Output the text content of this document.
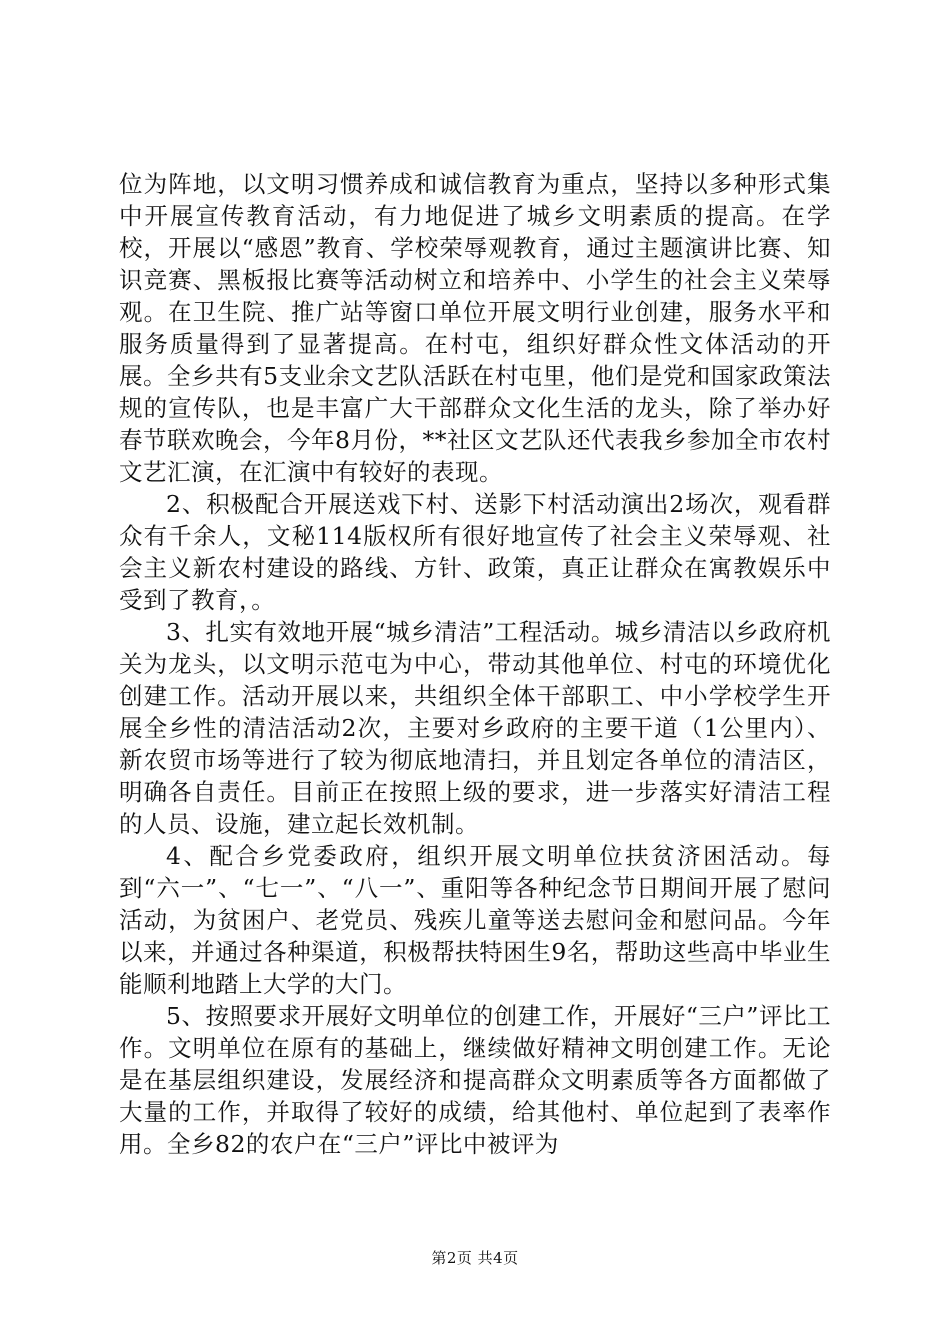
位为阵地，以文明习惯养成和诚信教育为重点，坚持以多种形式集中开展宣传教育活动，有力地促进了城乡文明素质的提高。在学校，开展以“感恩”教育、学校荣辱观教育，通过主题演讲比赛、知识竞赛、黑板报比赛等活动树立和培养中、小学生的社会主义荣辱观。在卫生院、推广站等窗口单位开展文明行业创建，服务水平和服务质量得到了显著提高。在村屯，组织好群众性文体活动的开展。全乡共有5支业余文艺队活跃在村屯里，他们是党和国家政策法规的宣传队，也是丰富广大干部群众文化生活的龙头，除了举办好春节联欢晚会，今年8月份，**社区文艺队还代表我乡参加全市农村文艺汇演，在汇演中有较好的表现。

2、积极配合开展送戏下村、送影下村活动演出2场次，观看群众有千余人，文秘114版权所有很好地宣传了社会主义荣辱观、社会主义新农村建设的路线、方针、政策，真正让群众在寓教娱乐中受到了教育，。

3、扎实有效地开展“城乡清洁”工程活动。城乡清洁以乡政府机关为龙头，以文明示范屯为中心，带动其他单位、村屯的环境优化创建工作。活动开展以来，共组织全体干部职工、中小学校学生开展全乡性的清洁活动2次，主要对乡政府的主要干道（1公里内）、新农贸市场等进行了较为彻底地清扫，并且划定各单位的清洁区，明确各自责任。目前正在按照上级的要求，进一步落实好清洁工程的人员、设施，建立起长效机制。

4、配合乡党委政府，组织开展文明单位扶贫济困活动。每到“六一”、“七一”、“八一”、重阳等各种纪念节日期间开展了慰问活动，为贫困户、老党员、残疾儿童等送去慰问金和慰问品。今年以来，并通过各种渠道，积极帮扶特困生9名，帮助这些高中毕业生能顺利地踏上大学的大门。

5、按照要求开展好文明单位的创建工作，开展好“三户”评比工作。文明单位在原有的基础上，继续做好精神文明创建工作。无论是在基层组织建设，发展经济和提高群众文明素质等各方面都做了大量的工作，并取得了较好的成绩，给其他村、单位起到了表率作用。全乡82的农户在“三户”评比中被评为

第2页 共4页
